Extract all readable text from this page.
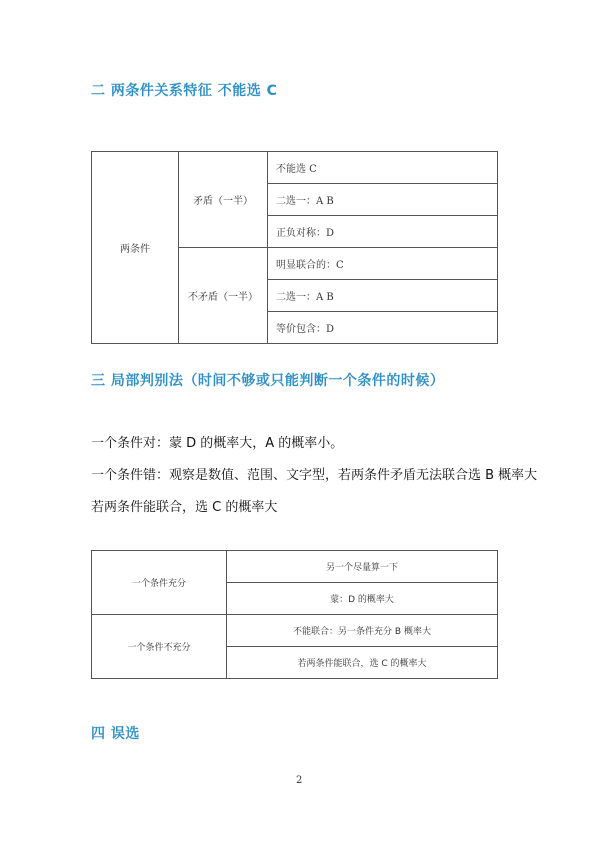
二 两条件关系特征 不能选 C
两条件	矛盾（一半）	不能选 C
		二选一：A B
		正负对称：D
	不矛盾（一半）	明显联合的：C
		二选一：A B
		等价包含：D
三 局部判别法（时间不够或只能判断一个条件的时候）
一个条件对：蒙 D 的概率大，A 的概率小。
一个条件错：观察是数值、范围、文字型，若两条件矛盾无法联合选 B 概率大
若两条件能联合，选 C 的概率大
一个条件充分	另一个尽量算一下
	蒙：D 的概率大
一个条件不充分	不能联合：另一条件充分 B 概率大
	若两条件能联合，选 C 的概率大
四 误选
2
